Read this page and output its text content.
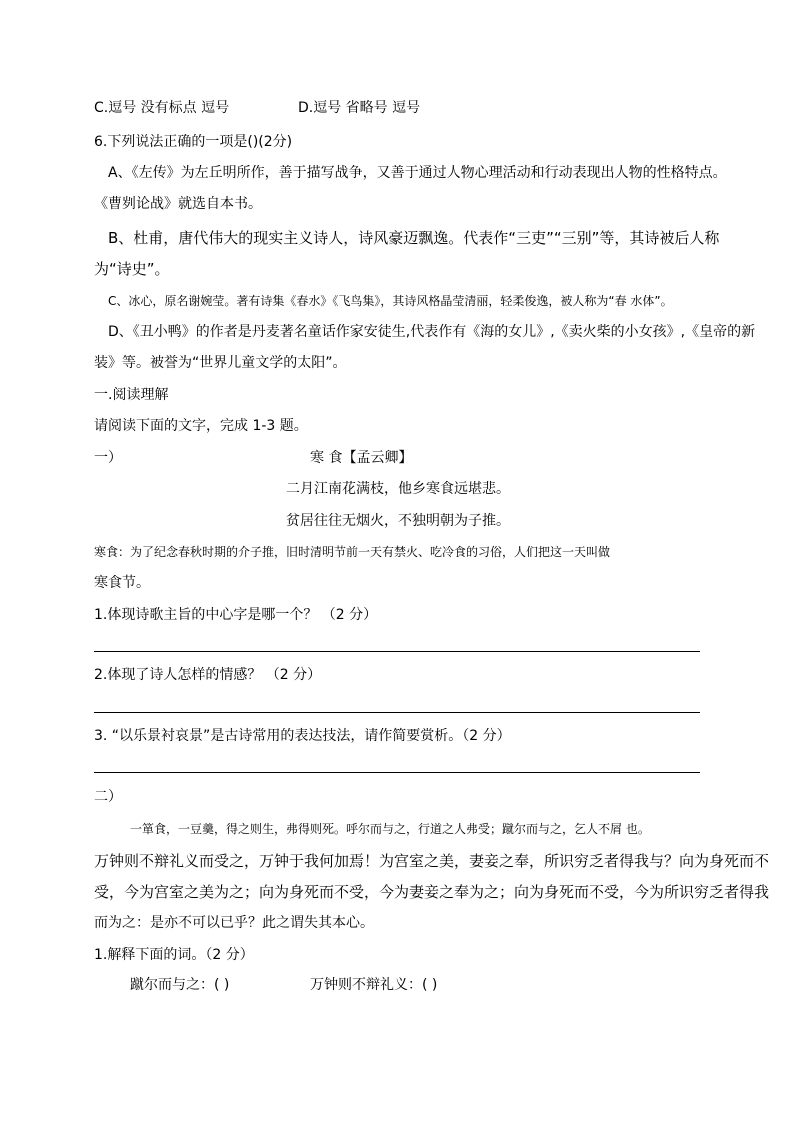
C.逗号 没有标点 逗号	D.逗号 省略号 逗号
6.下列说法正确的一项是()(2分)
A、《左传》为左丘明所作，善于描写战争，又善于通过人物心理活动和行动表现出人物的性格特点。
《曹刿论战》就选自本书。
B、杜甫，唐代伟大的现实主义诗人，诗风豪迈飘逸。代表作“三吏”“三别”等，其诗被后人称
为“诗史”。
C、冰心，原名谢婉莹。著有诗集《春水》《飞鸟集》，其诗风格晶莹清丽，轻柔俊逸，被人称为“春 水体”。
D、《丑小鸭》的作者是丹麦著名童话作家安徒生,代表作有《海的女儿》,《卖火柴的小女孩》,《皇帝的新
装》等。被誉为“世界儿童文学的太阳”。
一.阅读理解
请阅读下面的文字，完成 1-3 题。
一）	寒 食【孟云卿】
二月江南花满枝，他乡寒食远堪悲。
贫居往往无烟火，不独明朝为子推。
寒食：为了纪念春秋时期的介子推，旧时清明节前一天有禁火、吃冷食的习俗，人们把这一天叫做
寒食节。
1.体现诗歌主旨的中心字是哪一个？ （2 分）
2.体现了诗人怎样的情感？ （2 分）
3. “以乐景衬哀景”是古诗常用的表达技法，请作简要赏析。（2 分）
二）
一箪食，一豆羹，得之则生，弗得则死。呼尔而与之，行道之人弗受；蹴尔而与之，乞人不屑 也。
万钟则不辩礼义而受之，万钟于我何加焉！为宫室之美，妻妾之奉，所识穷乏者得我与？向为身死而不
受，今为宫室之美为之；向为身死而不受，今为妻妾之奉为之；向为身死而不受，今为所识穷乏者得我
而为之：是亦不可以已乎？此之谓失其本心。
1.解释下面的词。（2 分）
蹴尔而与之：( )	万钟则不辩礼义：( )
